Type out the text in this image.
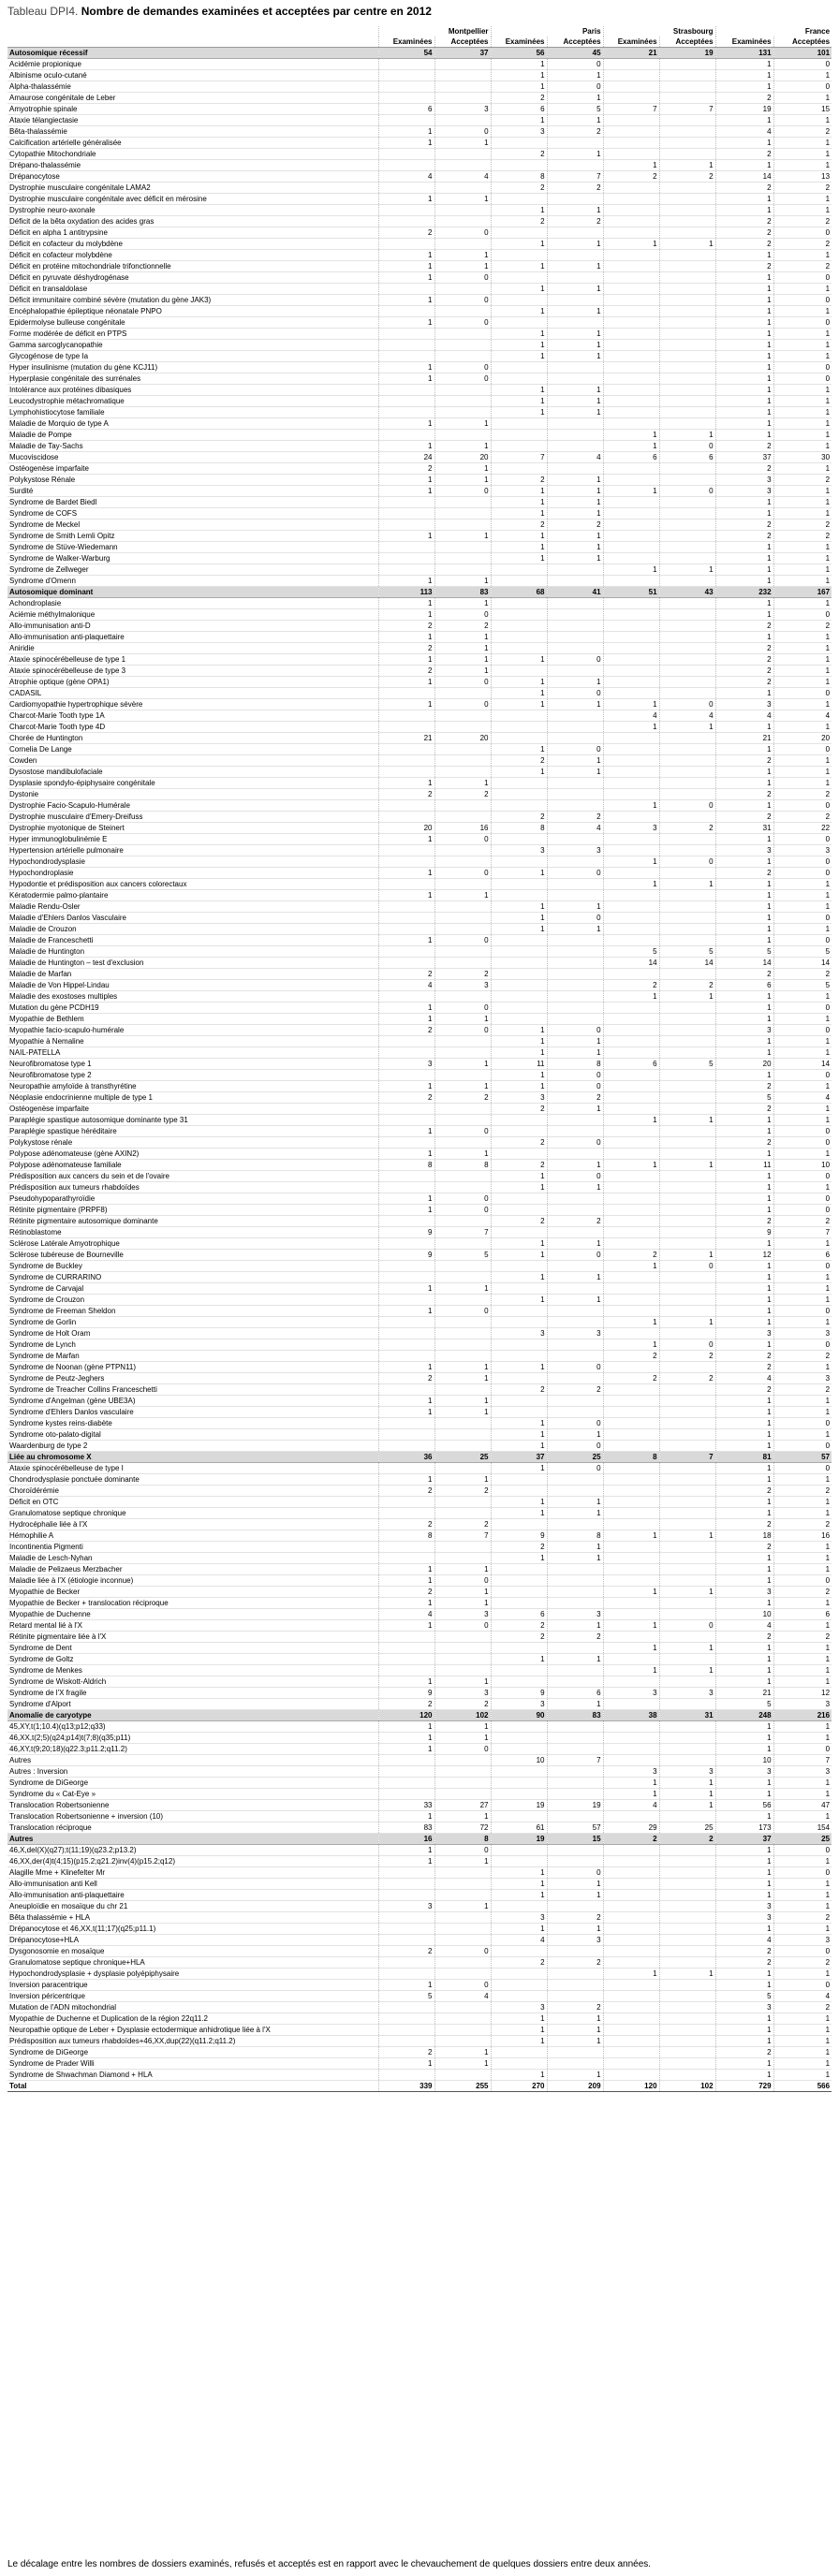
Tableau DPI4. Nombre de demandes examinées et acceptées par centre en 2012
	Montpellier		Paris		Strasbourg		France	
	Examinées	Acceptées	Examinées	Acceptées	Examinées	Acceptées	Examinées	Acceptées
Autosomique récessif	54	37	56	45	21	19	131	101
Acidémie propionique			1	0			1	0
Albinisme oculo-cutané			1	1			1	1
Alpha-thalassémie			1	0			1	0
Amaurose congénitale de Leber			2	1			2	1
Amyotrophie spinale	6	3	6	5	7	7	19	15
Ataxie télangiectasie			1	1			1	1
Bêta-thalassémie	1	0	3	2			4	2
Calcification artérielle généralisée	1	1					1	1
Cytopathie Mitochondriale			2	1			2	1
Drépano-thalassémie					1	1	1	1
Drépanocytose	4	4	8	7	2	2	14	13
Dystrophie musculaire congénitale LAMA2			2	2			2	2
Dystrophie musculaire congénitale avec déficit en mérosine	1	1					1	1
Dystrophie neuro-axonale			1	1			1	1
Déficit de la bêta oxydation des acides gras			2	2			2	2
Déficit en alpha 1 antitrypsine	2	0					2	0
Déficit en cofacteur du molybdène			1	1	1	1	2	2
Déficit en cofacteur molybdène	1	1					1	1
Déficit en protéine mitochondriale trifonctionnelle	1	1	1	1			2	2
Déficit en pyruvate déshydrogénase	1	0					1	0
Déficit en transaldolase			1	1			1	1
Déficit immunitaire combiné sévère (mutation du gène JAK3)	1	0					1	0
Encéphalopathie épileptique néonatale PNPO			1	1			1	1
Epidermolyse bulleuse congénitale	1	0					1	0
Forme modérée de déficit en PTPS			1	1			1	1
Gamma sarcoglycanopathie			1	1			1	1
Glycogénose de type Ia			1	1			1	1
Hyper insulinisme (mutation du gène KCJ11)	1	0					1	0
Hyperplasie congénitale des surrénales	1	0					1	0
Intolérance aux protéines dibasiques			1	1			1	1
Leucodystrophie métachromatique			1	1			1	1
Lymphohistiocytose familiale			1	1			1	1
Maladie de Morquio de type A	1	1					1	1
Maladie de Pompe					1	1	1	1
Maladie de Tay-Sachs	1	1			1	0	2	1
Mucoviscidose	24	20	7	4	6	6	37	30
Ostéogenèse imparfaite	2	1					2	1
Polykystose Rénale	1	1	2	1			3	2
Surdité	1	0	1	1	1	0	3	1
Syndrome de Bardet Biedl			1	1			1	1
Syndrome de COFS			1	1			1	1
Syndrome de Meckel			2	2			2	2
Syndrome de Smith Lemli Opitz	1	1	1	1			2	2
Syndrome de Stüve-Wiedemann			1	1			1	1
Syndrome de Walker-Warburg			1	1			1	1
Syndrome de Zellweger					1	1	1	1
Syndrome d'Omenn	1	1					1	1
Autosomique dominant	113	83	68	41	51	43	232	167
Achondroplasie	1	1					1	1
Aciémie méthylmalonique	1	0					1	0
Allo-immunisation anti-D	2	2					2	2
Allo-immunisation anti-plaquettaire	1	1					1	1
Aniridie	2	1					2	1
Ataxie spinocérébelleuse de type 1	1	1	1	0			2	1
Ataxie spinocérébelleuse de type 3	2	1					2	1
Atrophie optique (gène OPA1)	1	0	1	1			2	1
CADASIL			1	0			1	0
Cardiomyopathie hypertrophique sévère	1	0	1	1	1	0	3	1
Charcot-Marie Tooth type 1A					4	4	4	4
Charcot-Marie Tooth type 4D					1	1	1	1
Chorée de Huntington	21	20					21	20
Cornelia De Lange			1	0			1	0
Cowden			2	1			2	1
Dysostose mandibulofaciale			1	1			1	1
Dysplasie spondylo-épiphysaire congénitale	1	1					1	1
Dystonie	2	2					2	2
Dystrophie Facio-Scapulo-Humérale					1	0	1	0
Dystrophie musculaire d'Emery-Dreifuss			2	2			2	2
Dystrophie myotonique de Steinert	20	16	8	4	3	2	31	22
Hyper immunoglobulinémie E	1	0					1	0
Hypertension artérielle pulmonaire			3	3			3	3
Hypochondrodysplasie					1	0	1	0
Hypochondroplasie	1	0	1	0			2	0
Hypodontie et prédisposition aux cancers colorectaux					1	1	1	1
Kératodermie palmo-plantaire	1	1					1	1
Maladie Rendu-Osler			1	1			1	1
Maladie d'Ehlers Danlos Vasculaire			1	0			1	0
Maladie de Crouzon			1	1			1	1
Maladie de Franceschetti	1	0					1	0
Maladie de Huntington					5	5	5	5
Maladie de Huntington – test d'exclusion					14	14	14	14
Maladie de Marfan	2	2					2	2
Maladie de Von Hippel-Lindau	4	3			2	2	6	5
Maladie des exostoses multiples					1	1	1	1
Mutation du gène PCDH19	1	0					1	0
Myopathie de Bethlem	1	1					1	1
Myopathie facio-scapulo-humérale	2	0	1	0			3	0
Myopathie à Nemaline			1	1			1	1
NAIL-PATELLA			1	1			1	1
Neurofibromatose type 1	3	1	11	8	6	5	20	14
Neurofibromatose type 2			1	0			1	0
Neuropathie amyloïde à transthyrétine	1	1	1	0			2	1
Néoplasie endocrinienne multiple de type 1	2	2	3	2			5	4
Ostéogenèse imparfaite			2	1			2	1
Paraplégie spastique autosomique dominante type 31					1	1	1	1
Paraplégie spastique héréditaire	1	0					1	0
Polykystose rénale			2	0			2	0
Polypose adénomateuse (gène AXIN2)	1	1					1	1
Polypose adénomateuse familiale	8	8	2	1	1	1	11	10
Prédisposition aux cancers du sein et de l'ovaire			1	0			1	0
Prédisposition aux tumeurs rhabdoïdes			1	1			1	1
Pseudohypoparathyroïdie	1	0					1	0
Rétinite pigmentaire (PRPF8)	1	0					1	0
Rétinite pigmentaire autosomique dominante			2	2			2	2
Rétinoblastome	9	7					9	7
Sclérose Latérale Amyotrophique			1	1			1	1
Sclérose tubéreuse de Bourneville	9	5	1	0	2	1	12	6
Syndrome de Buckley					1	0	1	0
Syndrome de CURRARINO			1	1			1	1
Syndrome de Carvajal	1	1					1	1
Syndrome de Crouzon			1	1			1	1
Syndrome de Freeman Sheldon	1	0					1	0
Syndrome de Gorlin					1	1	1	1
Syndrome de Holt Oram			3	3			3	3
Syndrome de Lynch					1	0	1	0
Syndrome de Marfan					2	2	2	2
Syndrome de Noonan (gène PTPN11)	1	1	1	0			2	1
Syndrome de Peutz-Jeghers	2	1			2	2	4	3
Syndrome de Treacher Collins Franceschetti			2	2			2	2
Syndrome d'Angelman (gène UBE3A)	1	1					1	1
Syndrome d'Ehlers Danlos vasculaire	1	1					1	1
Syndrome kystes reins-diabète			1	0			1	0
Syndrome oto-palato-digital			1	1			1	1
Waardenburg de type 2			1	0			1	0
Liée au chromosome X	36	25	37	25	8	7	81	57
Ataxie spinocérébelleuse de type I			1	0			1	0
Chondrodysplasie ponctuée dominante	1	1					1	1
Choroïdérémie	2	2					2	2
Déficit en OTC			1	1			1	1
Granulomatose septique chronique			1	1			1	1
Hydrocéphalie liée à l'X	2	2					2	2
Hémophilie A	8	7	9	8	1	1	18	16
Incontinentia Pigmenti			2	1			2	1
Maladie de Lesch-Nyhan			1	1			1	1
Maladie de Pelizaeus Merzbacher	1	1					1	1
Maladie liée à l'X (étiologie inconnue)	1	0					1	0
Myopathie de Becker	2	1			1	1	3	2
Myopathie de Becker + translocation réciproque	1	1					1	1
Myopathie de Duchenne	4	3	6	3			10	6
Retard mental lié à l'X	1	0	2	1	1	0	4	1
Rétinite pigmentaire liée à l'X			2	2			2	2
Syndrome de Dent					1	1	1	1
Syndrome de Goltz			1	1			1	1
Syndrome de Menkes					1	1	1	1
Syndrome de Wiskott-Aldrich	1	1					1	1
Syndrome de l'X fragile	9	3	9	6	3	3	21	12
Syndrome d'Alport	2	2	3	1			5	3
Anomalie de caryotype	120	102	90	83	38	31	248	216
45,XY,t(1;10.4)(q13;p12;q33)	1	1					1	1
46,XX,t(2;5)(q24;p14)t(7;8)(q35;p11)	1	1					1	1
46,XY,t(9;20;18)(q22.3;p11.2;q11.2)	1	0					1	0
Autres			10	7			10	7
Autres : Inversion					3	3	3	3
Syndrome de DiGeorge					1	1	1	1
Syndrome du « Cat-Eye »					1	1	1	1
Translocation Robertsonienne	33	27	19	19	4	1	56	47
Translocation Robertsonienne + inversion (10)	1	1					1	1
Translocation réciproque	83	72	61	57	29	25	173	154
Autres	16	8	19	15	2	2	37	25
46,X,del(X)(q27);t(11;19)(q23.2;p13.2)	1	0					1	0
46,XX,der(4)t(4;15)(p15.2;q21.2)inv(4)(p15.2;q12)	1	1					1	1
Alagille Mme + Klinefelter Mr			1	0			1	0
Allo-immunisation anti Kell			1	1			1	1
Allo-immunisation anti-plaquettaire			1	1			1	1
Aneuploïdie en mosaïque du chr 21	3	1					3	1
Bêta thalassémie + HLA			3	2			3	2
Drépanocytose et 46,XX,t(11;17)(q25;p11.1)			1	1			1	1
Drépanocytose+HLA			4	3			4	3
Dysgonosomie en mosaïque	2	0					2	0
Granulomatose septique chronique+HLA			2	2			2	2
Hypochondrodysplasie + dysplasie polyépiphysaire					1	1	1	1
Inversion paracentrique	1	0					1	0
Inversion péricentrique	5	4					5	4
Mutation de l'ADN mitochondrial			3	2			3	2
Myopathie de Duchenne et Duplication de la région 22q11.2			1	1			1	1
Neuropathie optique de Leber + Dysplasie ectodermique anhidrotique liée à l'X			1	1			1	1
Prédisposition aux tumeurs rhabdoïdes+46,XX,dup(22)(q11.2;q11.2)			1	1			1	1
Syndrome de DiGeorge	2	1					2	1
Syndrome de Prader Willi	1	1					1	1
Syndrome de Shwachman Diamond + HLA			1	1			1	1
Total	339	255	270	209	120	102	729	566
Le décalage entre les nombres de dossiers examinés, refusés et acceptés est en rapport avec le chevauchement de quelques dossiers entre deux années.
